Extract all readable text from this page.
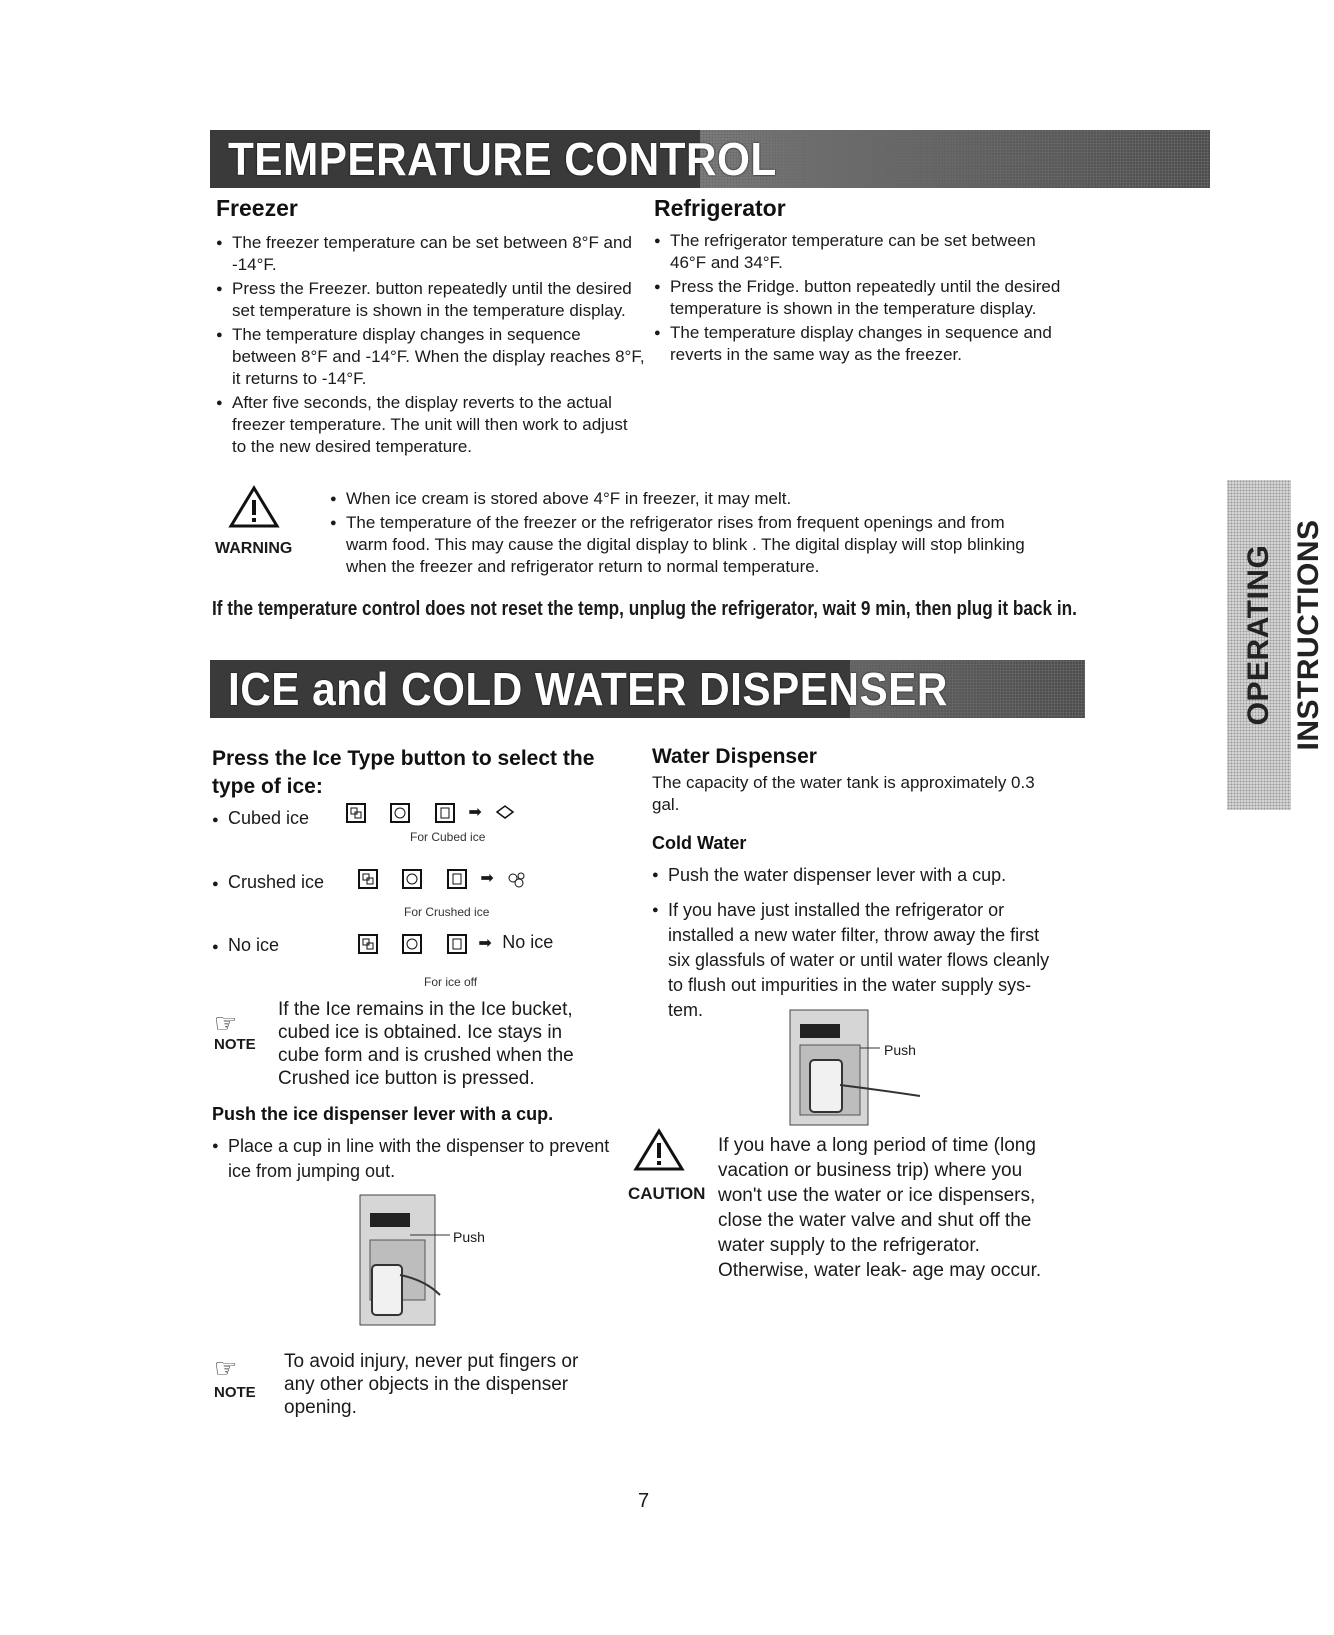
TEMPERATURE CONTROL
Freezer
● The freezer temperature can be set between 8°F and -14°F.
● Press the Freezer. button repeatedly until the desired set temperature is shown in the temperature display.
● The temperature display changes in sequence between 8°F and -14°F. When the display reaches 8°F, it returns to -14°F.
● After five seconds, the display reverts to the actual freezer temperature. The unit will then work to adjust to the new desired temperature.
Refrigerator
● The refrigerator temperature can be set between 46°F and 34°F.
● Press the Fridge. button repeatedly until the desired temperature is shown in the temperature display.
● The temperature display changes in sequence and reverts in the same way as the freezer.
WARNING
● When ice cream is stored above 4°F in freezer, it may melt.
● The temperature of the freezer or the refrigerator rises from frequent openings and from warm food. This may cause the digital display to blink . The digital display will stop blinking when the freezer and refrigerator return to normal temperature.
If the temperature control does not reset the temp, unplug the refrigerator, wait 9 min, then plug it back in.
ICE and COLD WATER DISPENSER
Press the Ice Type button to select the type of ice:
● Cubed ice	➡
For Cubed ice
● Crushed ice	➡
For Crushed ice
● No ice	➡ No ice
For ice off
☞
NOTE
If the Ice remains in the Ice bucket, cubed ice is obtained. Ice stays in cube form and is crushed when the Crushed ice button is pressed.
Push the ice dispenser lever with a cup.
● Place a cup in line with the dispenser to prevent ice from jumping out.
Push
☞
NOTE
To avoid injury, never put fingers or any other objects in the dispenser opening.
Water Dispenser
The capacity of the water tank is approximately 0.3 gal.
Cold Water
● Push the water dispenser lever with a cup.
● If you have just installed the refrigerator or installed a new water filter, throw away the first six glassfuls of water or until water flows cleanly to flush out impurities in the water supply sys- tem.
Push
CAUTION
If you have a long period of time (long vacation or business trip) where you won't use the water or ice dispensers, close the water valve and shut off the water supply to the refrigerator. Otherwise, water leak- age may occur.
OPERATING INSTRUCTIONS
7
